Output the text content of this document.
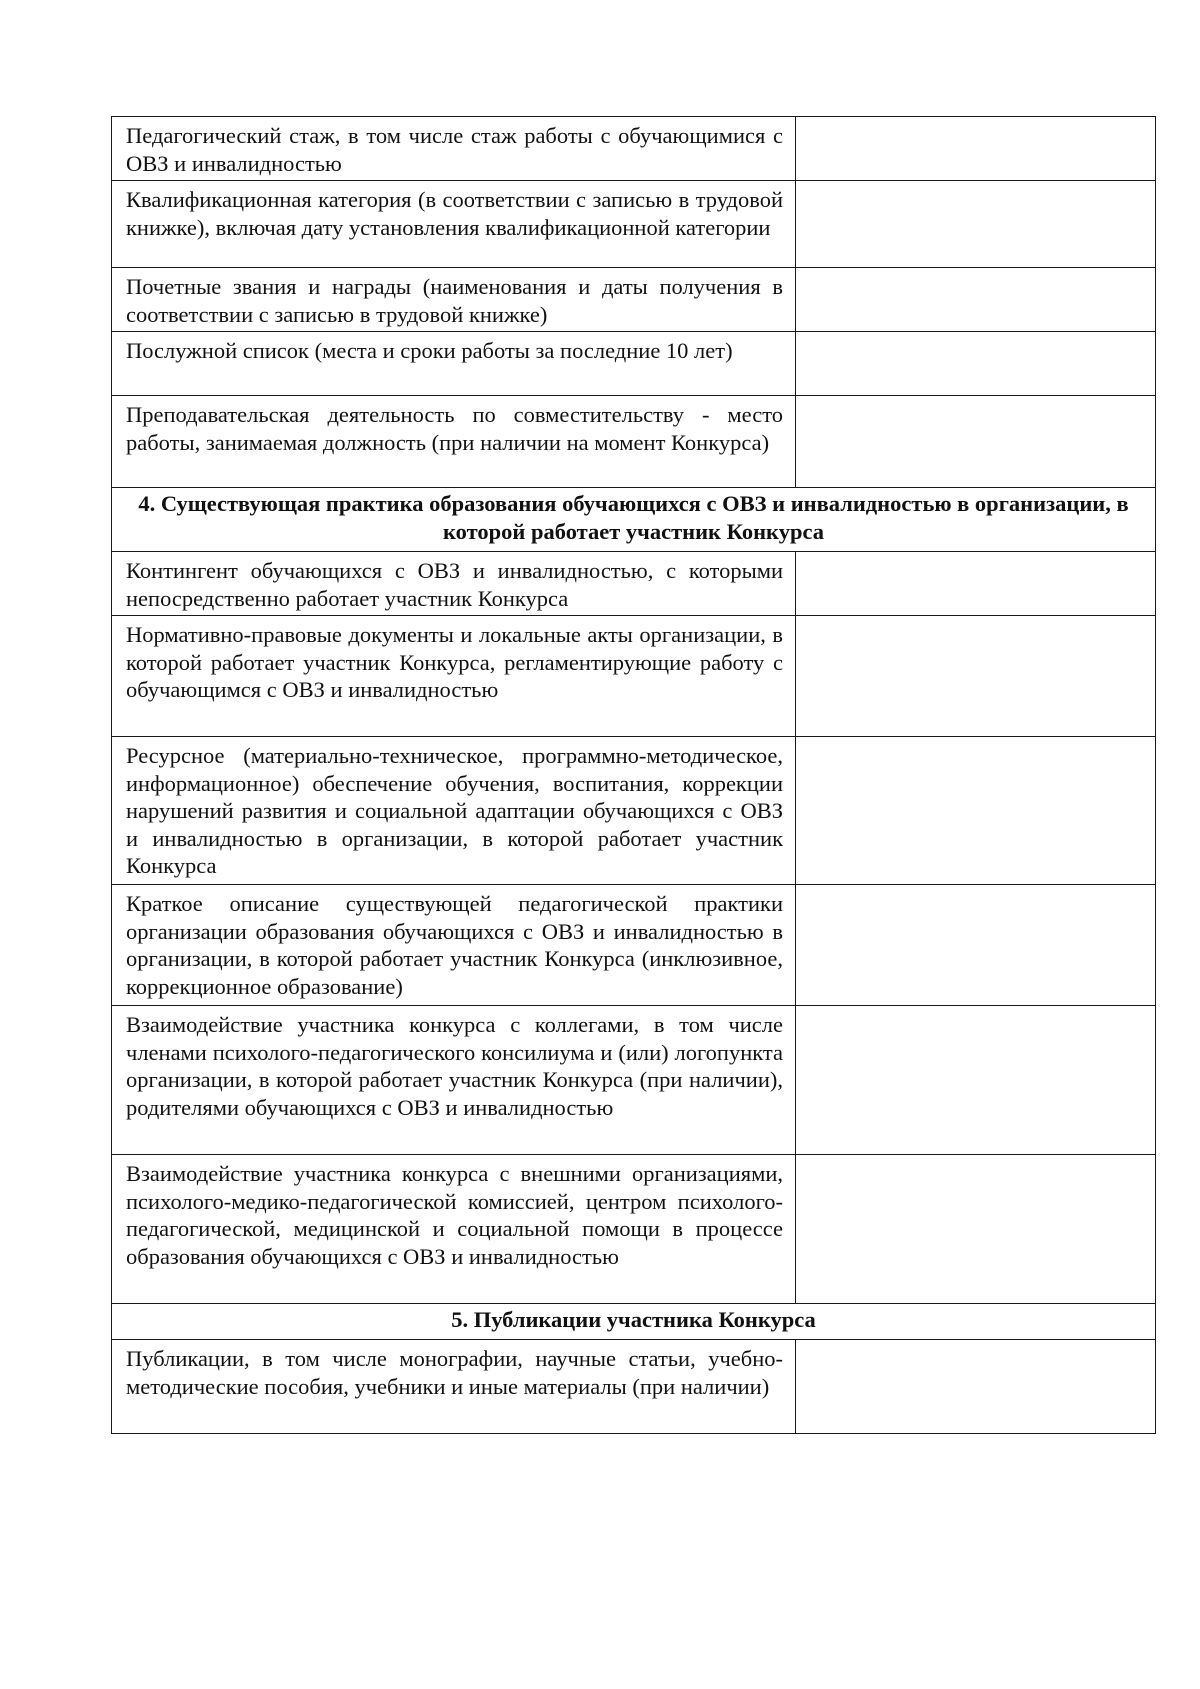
Педагогический стаж, в том числе стаж работы с обучающимися с ОВЗ и инвалидностью	
Квалификационная категория (в соответствии с записью в трудовой книжке), включая дату установления квалификационной категории	
Почетные звания и награды (наименования и даты получения в соответствии с записью в трудовой книжке)	
Послужной список (места и сроки работы за последние 10 лет)	
Преподавательская деятельность по совместительству - место работы, занимаемая должность (при наличии на момент Конкурса)	
4. Существующая практика образования обучающихся с ОВЗ и инвалидностью в организации, в которой работает участник Конкурса	
Контингент обучающихся с ОВЗ и инвалидностью, с которыми непосредственно работает участник Конкурса	
Нормативно-правовые документы и локальные акты организации, в которой работает участник Конкурса, регламентирующие работу с обучающимся с ОВЗ и инвалидностью	
Ресурсное (материально-техническое, программно-методическое, информационное) обеспечение обучения, воспитания, коррекции нарушений развития и социальной адаптации обучающихся с ОВЗ и инвалидностью в организации, в которой работает участник Конкурса	
Краткое описание существующей педагогической практики организации образования обучающихся с ОВЗ и инвалидностью в организации, в которой работает участник Конкурса (инклюзивное, коррекционное образование)	
Взаимодействие участника конкурса с коллегами, в том числе членами психолого-педагогического консилиума и (или) логопункта организации, в которой работает участник Конкурса (при наличии), родителями обучающихся с ОВЗ и инвалидностью	
Взаимодействие участника конкурса с внешними организациями, психолого-медико-педагогической комиссией, центром психолого-педагогической, медицинской и социальной помощи в процессе образования обучающихся с ОВЗ и инвалидностью	
5. Публикации участника Конкурса	
Публикации, в том числе монографии, научные статьи, учебно-методические пособия, учебники и иные материалы (при наличии)	
